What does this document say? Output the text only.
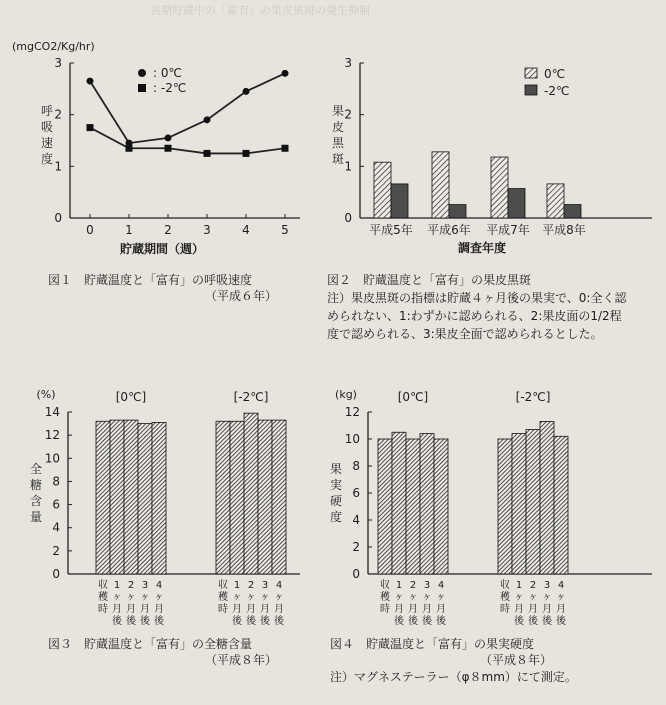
長期貯蔵中の「富有」の果皮黒斑の発生抑制
0
1
2
3
0	1	2	3	4	5
貯蔵期間（週）
(mgCO2/Kg/hr)
呼
吸
速
度
: 0℃
: -2℃
図１　貯蔵温度と「富有」の呼吸速度
（平成６年）
0
1
2
3
果
皮
黒
斑
平成5年 平成6年 平成7年 平成8年
調査年度
0℃
-2℃
図２　貯蔵温度と「富有」の果皮黒斑
注）果皮黒斑の指標は貯蔵４ヶ月後の果実で、0:全く認められない、1:わずかに認められる、2:果皮面の1/2程度で認められる、3:果皮全面で認められるとした。
0
2
4
6
8
10
12
14
(%)
全
糖
含
量
[0℃]
収
穫
時
1
ヶ
月
後
2
ヶ
月
後
3
ヶ
月
後
4
ヶ
月
後
[-2℃]
収
穫
時
1
ヶ
月
後
2
ヶ
月
後
3
ヶ
月
後
4
ヶ
月
後
図３　貯蔵温度と「富有」の全糖含量
（平成８年）
0
2
4
6
8
10
12
(kg)
果
実
硬
度
[0℃]
収
穫
時
1
ヶ
月
後
2
ヶ
月
後
3
ヶ
月
後
4
ヶ
月
後
[-2℃]
収
穫
時
1
ヶ
月
後
2
ヶ
月
後
3
ヶ
月
後
4
ヶ
月
後
図４　貯蔵温度と「富有」の果実硬度
（平成８年）
注）マグネステーラー（φ８mm）にて測定。
